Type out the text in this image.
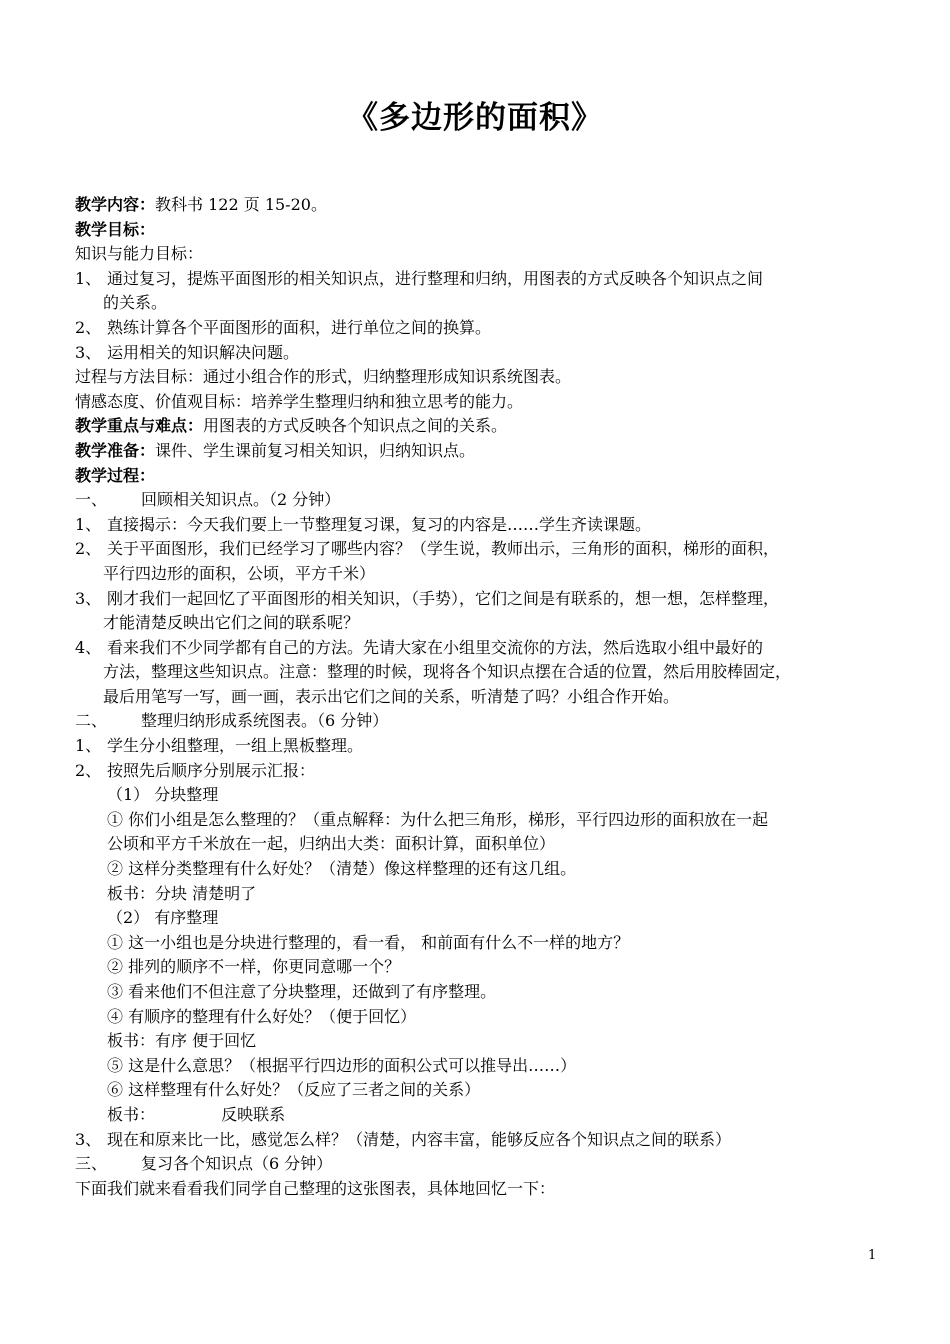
《多边形的面积》
教学内容：教科书 122 页 15-20。
教学目标：
知识与能力目标：
1、 通过复习，提炼平面图形的相关知识点，进行整理和归纳，用图表的方式反映各个知识点之间
的关系。
2、 熟练计算各个平面图形的面积，进行单位之间的换算。
3、 运用相关的知识解决问题。
过程与方法目标：通过小组合作的形式，归纳整理形成知识系统图表。
情感态度、价值观目标：培养学生整理归纳和独立思考的能力。
教学重点与难点：用图表的方式反映各个知识点之间的关系。
教学准备：课件、学生课前复习相关知识，归纳知识点。
教学过程：
一、 回顾相关知识点。（2 分钟）
1、 直接揭示：今天我们要上一节整理复习课，复习的内容是……学生齐读课题。
2、 关于平面图形，我们已经学习了哪些内容？（学生说，教师出示，三角形的面积，梯形的面积，
平行四边形的面积，公顷，平方千米）
3、 刚才我们一起回忆了平面图形的相关知识，（手势），它们之间是有联系的，想一想，怎样整理，
才能清楚反映出它们之间的联系呢？
4、 看来我们不少同学都有自己的方法。先请大家在小组里交流你的方法，然后选取小组中最好的
方法，整理这些知识点。注意：整理的时候，现将各个知识点摆在合适的位置，然后用胶棒固定，
最后用笔写一写，画一画，表示出它们之间的关系，听清楚了吗？小组合作开始。
二、 整理归纳形成系统图表。（6 分钟）
1、 学生分小组整理，一组上黑板整理。
2、 按照先后顺序分别展示汇报：
（1） 分块整理
① 你们小组是怎么整理的？（重点解释：为什么把三角形，梯形，平行四边形的面积放在一起
公顷和平方千米放在一起，归纳出大类：面积计算，面积单位）
② 这样分类整理有什么好处？（清楚）像这样整理的还有这几组。
板书：分块 清楚明了
（2） 有序整理
① 这一小组也是分块进行整理的，看一看， 和前面有什么不一样的地方？
② 排列的顺序不一样，你更同意哪一个？
③ 看来他们不但注意了分块整理，还做到了有序整理。
④ 有顺序的整理有什么好处？（便于回忆）
板书：有序 便于回忆
⑤ 这是什么意思？（根据平行四边形的面积公式可以推导出……）
⑥ 这样整理有什么好处？（反应了三者之间的关系）
板书：             反映联系
3、 现在和原来比一比，感觉怎么样？（清楚，内容丰富，能够反应各个知识点之间的联系）
三、 复习各个知识点（6 分钟）
下面我们就来看看我们同学自己整理的这张图表，具体地回忆一下：
1
